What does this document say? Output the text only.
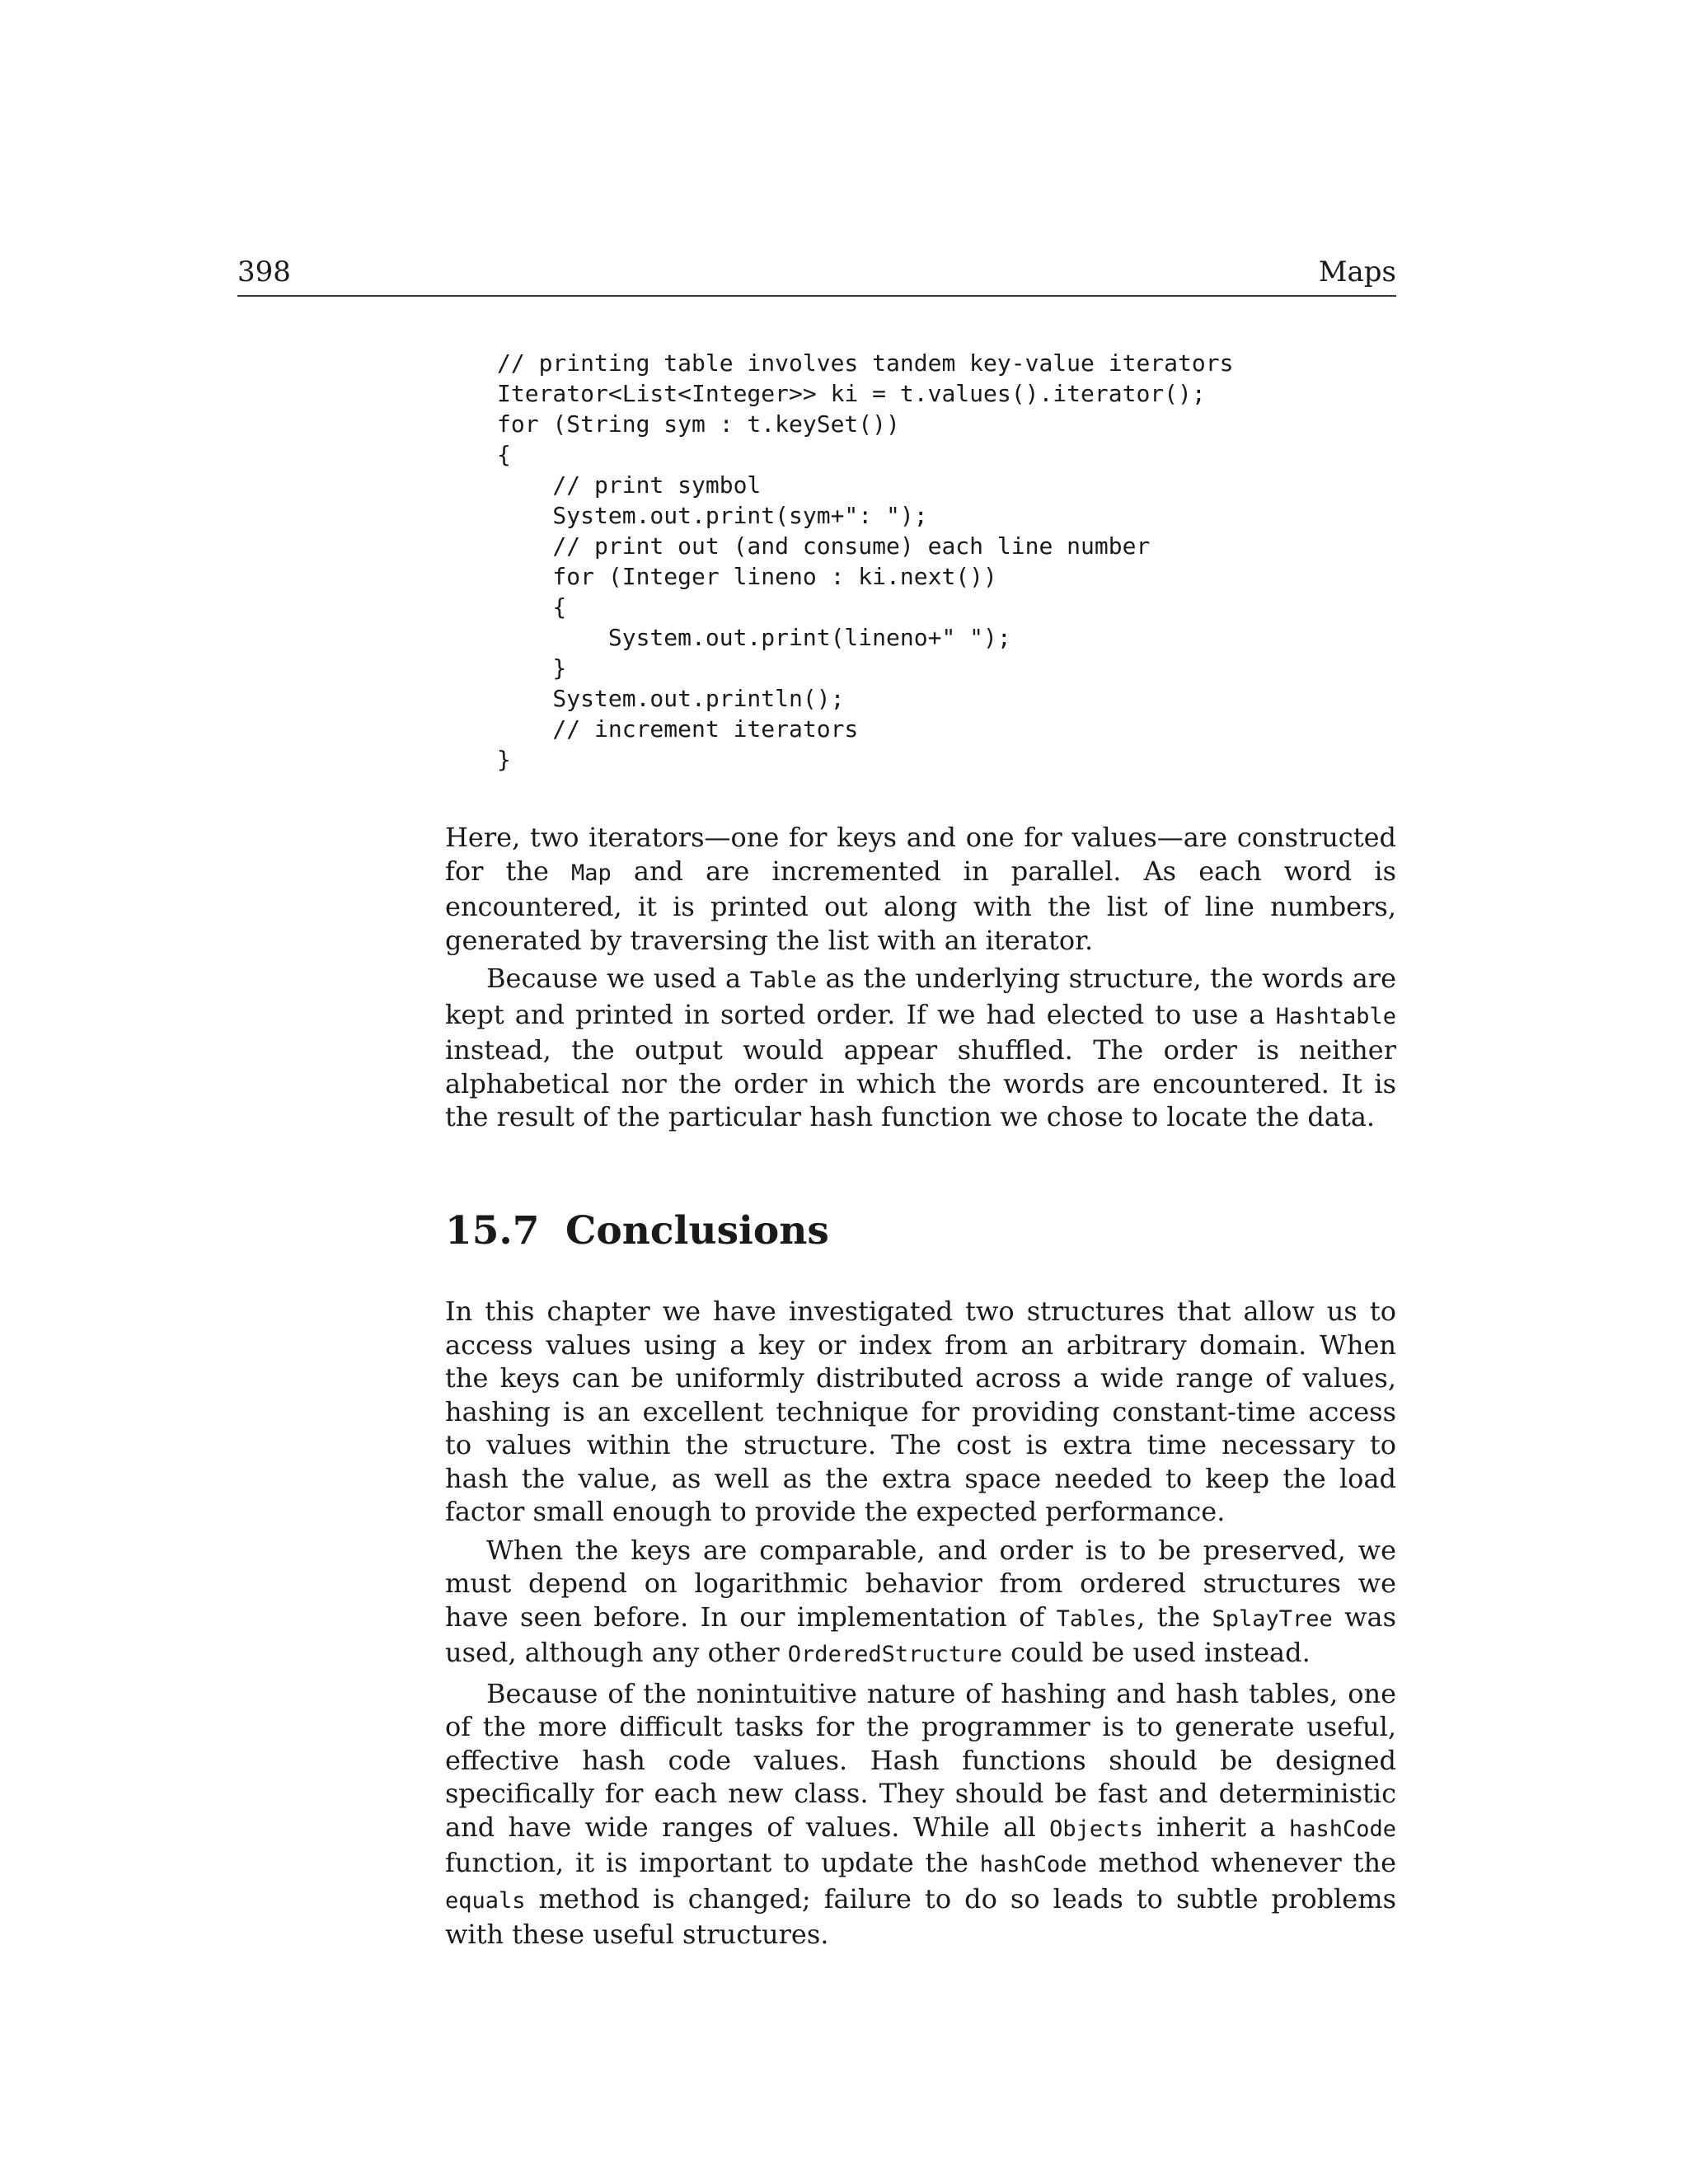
398	Maps
// printing table involves tandem key-value iterators
Iterator<List<Integer>> ki = t.values().iterator();
for (String sym : t.keySet())
{
// print symbol
System.out.print(sym+": ");
// print out (and consume) each line number
for (Integer lineno : ki.next())
{
System.out.print(lineno+" ");
}
System.out.println();
// increment iterators
}

Here, two iterators—one for keys and one for values—are constructed for the Map and are incremented in parallel. As each word is encountered, it is printed out along with the list of line numbers, generated by traversing the list with an iterator.

Because we used a Table as the underlying structure, the words are kept and printed in sorted order. If we had elected to use a Hashtable instead, the output would appear shuffled. The order is neither alphabetical nor the order in which the words are encountered. It is the result of the particular hash function we chose to locate the data.

15.7 Conclusions

In this chapter we have investigated two structures that allow us to access values using a key or index from an arbitrary domain. When the keys can be uniformly distributed across a wide range of values, hashing is an excellent technique for providing constant-time access to values within the structure. The cost is extra time necessary to hash the value, as well as the extra space needed to keep the load factor small enough to provide the expected performance.

When the keys are comparable, and order is to be preserved, we must depend on logarithmic behavior from ordered structures we have seen before. In our implementation of Tables, the SplayTree was used, although any other OrderedStructure could be used instead.

Because of the nonintuitive nature of hashing and hash tables, one of the more difficult tasks for the programmer is to generate useful, effective hash code values. Hash functions should be designed specifically for each new class. They should be fast and deterministic and have wide ranges of values. While all Objects inherit a hashCode function, it is important to update the hashCode method whenever the equals method is changed; failure to do so leads to subtle problems with these useful structures.
